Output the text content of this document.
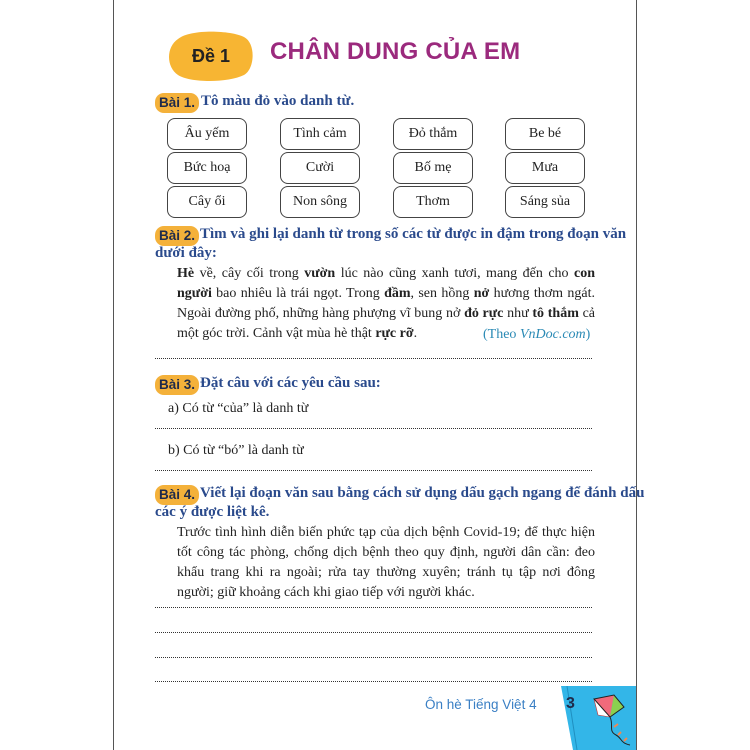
Đề 1	CHÂN DUNG CỦA EM
Bài 1. Tô màu đỏ vào danh từ.
Âu yếm	Tình cảm	Đỏ thắm	Be bé
Bức hoạ	Cười	Bố mẹ	Mưa
Cây ổi	Non sông	Thơm	Sáng sủa
Bài 2. Tìm và ghi lại danh từ trong số các từ được in đậm trong đoạn văn
dưới đây:
Hè về, cây cối trong vườn lúc nào cũng xanh tươi, mang đến cho con người bao nhiêu là trái ngọt. Trong đầm, sen hồng nở hương thơm ngát. Ngoài đường phố, những hàng phượng vĩ bung nở đỏ rực như tô thắm cả một góc trời. Cảnh vật mùa hè thật rực rỡ.	(Theo VnDoc.com)
Bài 3. Đặt câu với các yêu cầu sau:
a) Có từ “của” là danh từ
b) Có từ “bó” là danh từ
Bài 4. Viết lại đoạn văn sau bằng cách sử dụng dấu gạch ngang để đánh dấu
các ý được liệt kê.
Trước tình hình diễn biến phức tạp của dịch bệnh Covid-19; để thực hiện tốt công tác phòng, chống dịch bệnh theo quy định, người dân cần: đeo khẩu trang khi ra ngoài; rửa tay thường xuyên; tránh tụ tập nơi đông người; giữ khoảng cách khi giao tiếp với người khác.
Ôn hè Tiếng Việt 4 3
